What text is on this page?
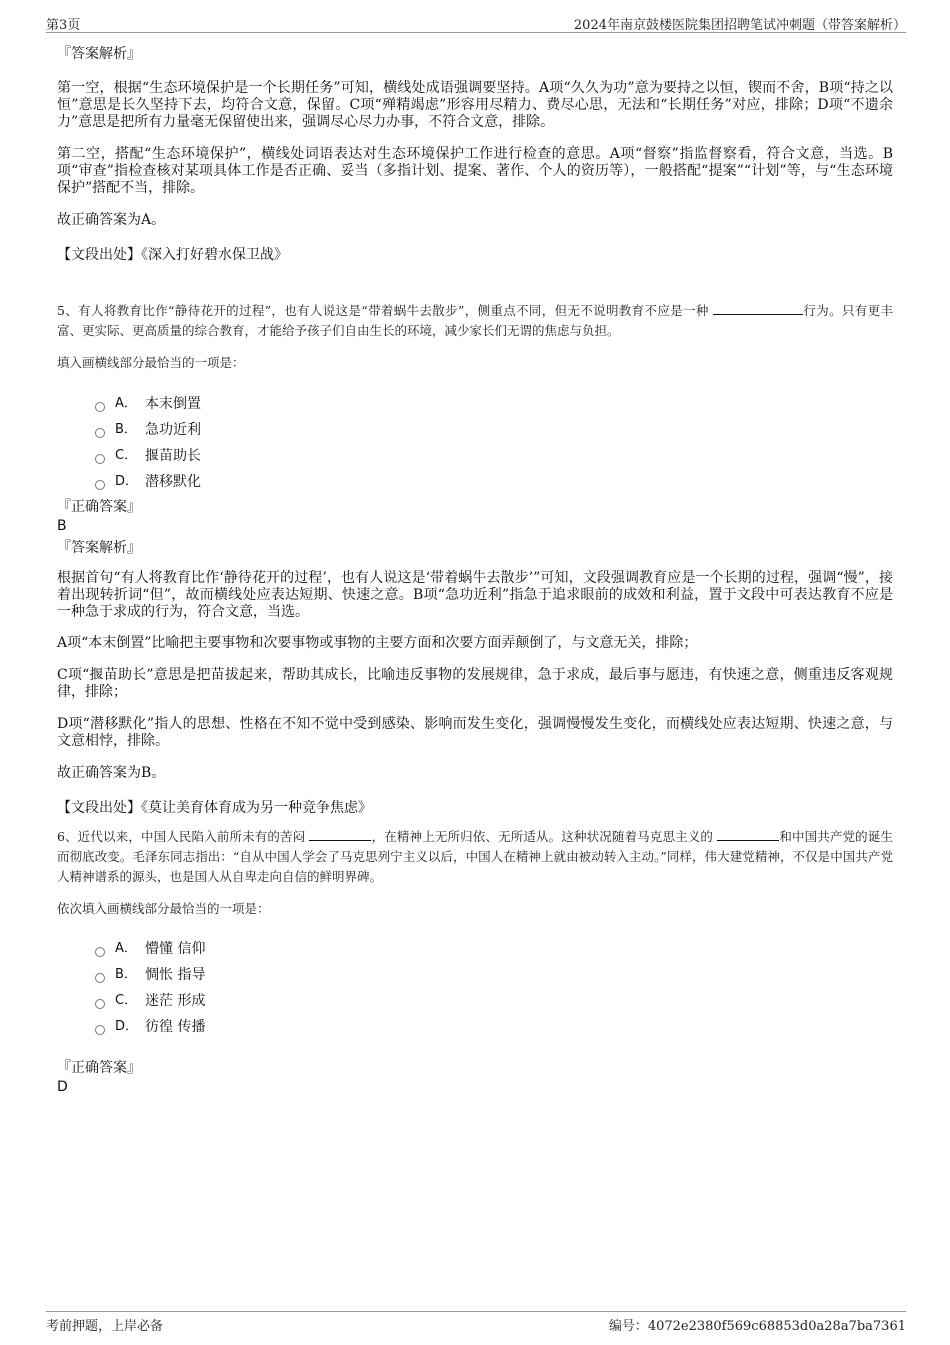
第3页	2024年南京鼓楼医院集团招聘笔试冲刺题（带答案解析）

『答案解析』

第一空，根据“生态环境保护是一个长期任务”可知，横线处成语强调要坚持。A项“久久为功”意为要持之以恒，锲而不舍，B项“持之以恒”意思是长久坚持下去，均符合文意，保留。C项“殚精竭虑”形容用尽精力、费尽心思，无法和“长期任务”对应，排除；D项“不遗余力”意思是把所有力量毫无保留使出来，强调尽心尽力办事，不符合文意，排除。

第二空，搭配“生态环境保护”，横线处词语表达对生态环境保护工作进行检查的意思。A项“督察”指监督察看，符合文意，当选。B项“审查”指检查核对某项具体工作是否正确、妥当（多指计划、提案、著作、个人的资历等），一般搭配“提案”“计划”等，与“生态环境保护”搭配不当，排除。

故正确答案为A。

【文段出处】《深入打好碧水保卫战》

5、有人将教育比作“静待花开的过程”，也有人说这是“带着蜗牛去散步”，侧重点不同，但无不说明教育不应是一种	行为。只有更丰富、更实际、更高质量的综合教育，才能给予孩子们自由生长的环境，减少家长们无谓的焦虑与负担。

填入画横线部分最恰当的一项是：

A． 本末倒置
B． 急功近利
C． 揠苗助长
D． 潜移默化

『正确答案』

B

『答案解析』

根据首句“有人将教育比作‘静待花开的过程’，也有人说这是‘带着蜗牛去散步’”可知，文段强调教育应是一个长期的过程，强调“慢”，接着出现转折词“但”，故而横线处应表达短期、快速之意。B项“急功近利”指急于追求眼前的成效和利益，置于文段中可表达教育不应是一种急于求成的行为，符合文意，当选。

A项“本末倒置”比喻把主要事物和次要事物或事物的主要方面和次要方面弄颠倒了，与文意无关，排除；

C项“揠苗助长”意思是把苗拔起来，帮助其成长，比喻违反事物的发展规律，急于求成，最后事与愿违，有快速之意，侧重违反客观规律，排除；

D项“潜移默化”指人的思想、性格在不知不觉中受到感染、影响而发生变化，强调慢慢发生变化，而横线处应表达短期、快速之意，与文意相悖，排除。

故正确答案为B。

【文段出处】《莫让美育体育成为另一种竞争焦虑》

6、近代以来，中国人民陷入前所未有的苦闷	，在精神上无所归依、无所适从。这种状况随着马克思主义的	和中国共产党的诞生而彻底改变。毛泽东同志指出：“自从中国人学会了马克思列宁主义以后，中国人在精神上就由被动转入主动。”同样，伟大建党精神，不仅是中国共产党人精神谱系的源头，也是国人从自卑走向自信的鲜明界碑。

依次填入画横线部分最恰当的一项是：

A． 懵懂 信仰
B． 惆怅 指导
C． 迷茫 形成
D． 彷徨 传播

『正确答案』

D

考前押题，上岸必备	编号：4072e2380f569c68853d0a28a7ba7361
